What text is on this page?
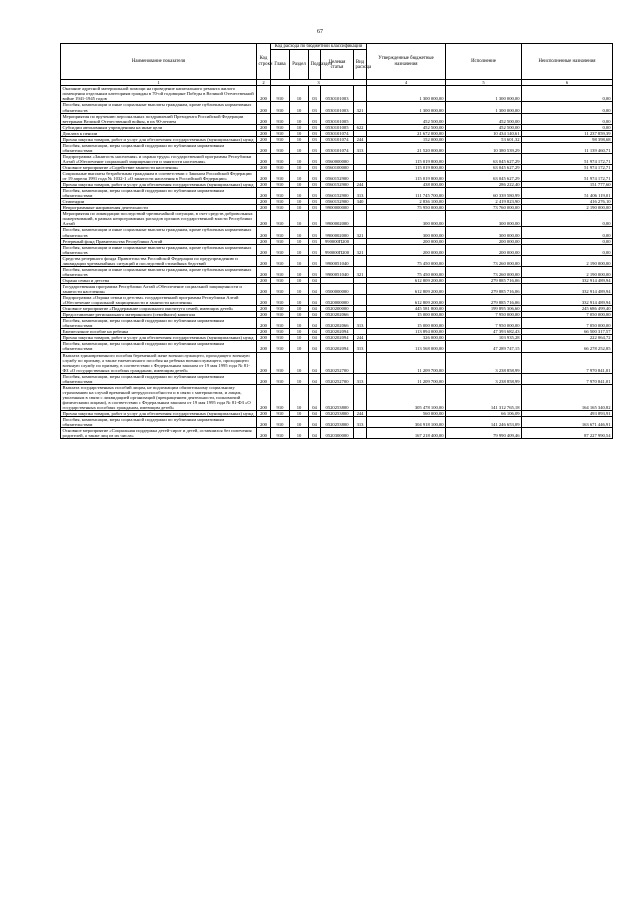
67
Наименование показателя	Код строки	Код расхода по бюджетной классификации					Утвержденные бюджетные назначения	Исполнение	Неисполненные назначения
		Глава	Раздел	Подраздел	Целевая статья	Вид расхода			
1	2	3					4	5	6
Оказание адресной материальной помощи на проведение капитального ремонта жилого помещения отдельным категориям граждан в 70-ой годовщине Победы в Великой Отечественной войне 1941-1945 годов	200	910	10	03	0530101003		1 300 000,00	1 300 000,00	0,00
Пособия, компенсации и иные социальные выплаты гражданам, кроме публичных нормативных обязательств	200	910	10	03	0530101003	321	1 300 000,00	1 300 000,00	0,00
Мероприятия по вручению персональных поздравлений Президента Российской Федерации ветеранам Великой Отечественной войны, в их 90-летием	200	910	10	03	0530101005		452 500,00	452 500,00	0,00
Субсидии автономным учреждениям на иные цели	200	910	10	03	0530101005	622	452 500,00	452 500,00	0,00
Доплата к пенсии	200	910	10	03	0530101074		21 672 000,00	10 434 140,61	11 237 859,39
Прочая закупка товаров, работ и услуг для обеспечения государственных (муниципальных) нужд	200	910	10	03	0530101074	244	152 000,00	53 601,32	98 398,68
Пособия, компенсации, меры социальной поддержки по публичным нормативным обязательствам	200	910	10	03	0530101074	313	21 520 000,00	10 380 539,29	11 139 460,71
Подпрограмма «Занятость населения» и охрана труда» государственной программы Республики Алтай «Обеспечение социальной защищенности и занятости населения»	200	910	10	03	0560000000		115 019 800,00	63 045 627,29	51 974 172,71
Основное мероприятие «Содействие занятости населения»	200	910	10	03	0560100000		115 019 800,00	63 045 627,29	51 974 172,71
Социальные выплаты безработным гражданам в соответствии с Законом Российской Федерации от 19 апреля 1991 года № 1032-1 «О занятости населения в Российской Федерации»	200	910	10	03	0560152900		115 019 800,00	63 045 627,29	51 974 172,71
Прочая закупка товаров, работ и услуг для обеспечения государственных (муниципальных) нужд	200	910	10	03	0560152900	244	438 000,00	286 222,40	151 777,60
Пособия, компенсации, меры социальной поддержки по публичным нормативным обязательствам	200	910	10	03	0560152900	313	111 745 700,00	60 339 580,99	51 406 119,01
Стипендии	200	910	10	03	0560152900	340	2 836 100,00	2 419 823,90	416 276,10
Непрограммные направления деятельности	200	910	10	03	9900000000		75 950 000,00	73 760 000,00	2 190 000,00
Мероприятия по ликвидации последствий чрезвычайной ситуации, в счет средств добровольных пожертвований, в рамках непрограммных расходов органов государственной власти Республики Алтай	200	910	10	03	9900002000		300 000,00	300 000,00	0,00
Пособия, компенсации и иные социальные выплаты гражданам, кроме публичных нормативных обязательств	200	910	10	03	9900002000	321	300 000,00	300 000,00	0,00
Резервный фонд Правительства Республики Алтай	200	910	10	03	990000П200		200 000,00	200 000,00	0,00
Пособия, компенсации и иные социальные выплаты гражданам, кроме публичных нормативных обязательств	200	910	10	03	990000П200	321	200 000,00	200 000,00	0,00
Средства резервного фонда Правительства Российской Федерации по предупреждению и ликвидации чрезвычайных ситуаций и последствий стихийных бедствий	200	910	10	03	9900051040		75 450 000,00	73 260 000,00	2 190 000,00
Пособия, компенсации и иные социальные выплаты гражданам, кроме публичных нормативных обязательств	200	910	10	03	9900051040	321	75 450 000,00	73 260 000,00	2 190 000,00
Охрана семьи и детства	200	910	10	04			612 809 200,00	279 885 716,06	332 914 489,94
Государственная программа Республики Алтай «Обеспечение социальной защищенности и занятости населения»	200	910	10	04	0500000000		612 809 200,00	279 885 716,06	332 914 489,94
Подпрограмма «Охрана семьи и детства» государственной программы Республики Алтай «Обеспечение социальной защищенности и занятости населения»	200	910	10	04	0520000000		612 809 200,00	279 885 716,06	332 914 489,94
Основное мероприятие «Поддержание социального института семей, имеющих детей»	200	910	10	04	0520200000		445 581 800,00	199 895 306,60	245 686 499,40
Предоставление регионального материнского (семейного) капитала	200	910	10	04	0520202066		15 000 000,00	7 950 000,00	7 050 000,00
Пособия, компенсации, меры социальной поддержки по публичным нормативным обязательствам	200	910	10	04	0520202066	313	15 000 000,00	7 950 000,00	7 050 000,00
Ежемесячное пособие на ребенка	200	910	10	04	0520202094		113 894 000,00	47 393 682,43	66 500 317,57
Прочая закупка товаров, работ и услуг для обеспечения государственных (муниципальных) нужд	200	910	10	04	0520202094	244	326 000,00	103 935,28	222 064,72
Пособия, компенсации, меры социальной поддержки по публичным нормативным обязательствам	200	910	10	04	0520202094	313	113 568 000,00	47 289 747,15	66 278 252,85
Выплата единовременного пособия беременной жене военнослужащего, проходящего военную службу по призыву, а также ежемесячного пособия на ребенка военнослужащего, проходящего военную службу по призыву, в соответствии с Федеральным законом от 19 мая 1995 года № 81-ФЗ «О государственных пособиях гражданам, имеющим детей»	200	910	10	04	0520252700		11 209 700,00	3 238 858,99	7 970 841,01
Пособия, компенсации, меры социальной поддержки по публичным нормативным обязательствам	200	910	10	04	0520252700	313	11 209 700,00	3 238 858,99	7 970 841,01
Выплата государственных пособий лицам, не подлежащим обязательному социальному страхованию на случай временной нетрудоспособности и в связи с материнством, и лицам, уволенным в связи с ликвидацией организаций (прекращением деятельности, полномочий физическими лицами), в соответствии с Федеральным законом от 19 мая 1995 года № 81-ФЗ «О государственных пособиях гражданам, имеющим детей»	200	910	10	04	0520253800		305 478 100,00	141 312 765,18	164 165 340,82
Прочая закупка товаров, работ и услуг для обеспечения государственных (муниципальных) нужд	200	910	10	04	0520253800	244	560 000,00	66 106,09	493 893,91
Пособия, компенсации, меры социальной поддержки по публичным нормативным обязательствам	200	910	10	04	0520253800	313	304 918 100,00	141 246 653,09	163 671 446,91
Основное мероприятие «Социальная поддержка детей-сирот и детей, оставшихся без попечения родителей, а также лиц из их числа»	200	910	10	04	0520300000		167 218 400,00	79 990 409,46	87 227 990,54
